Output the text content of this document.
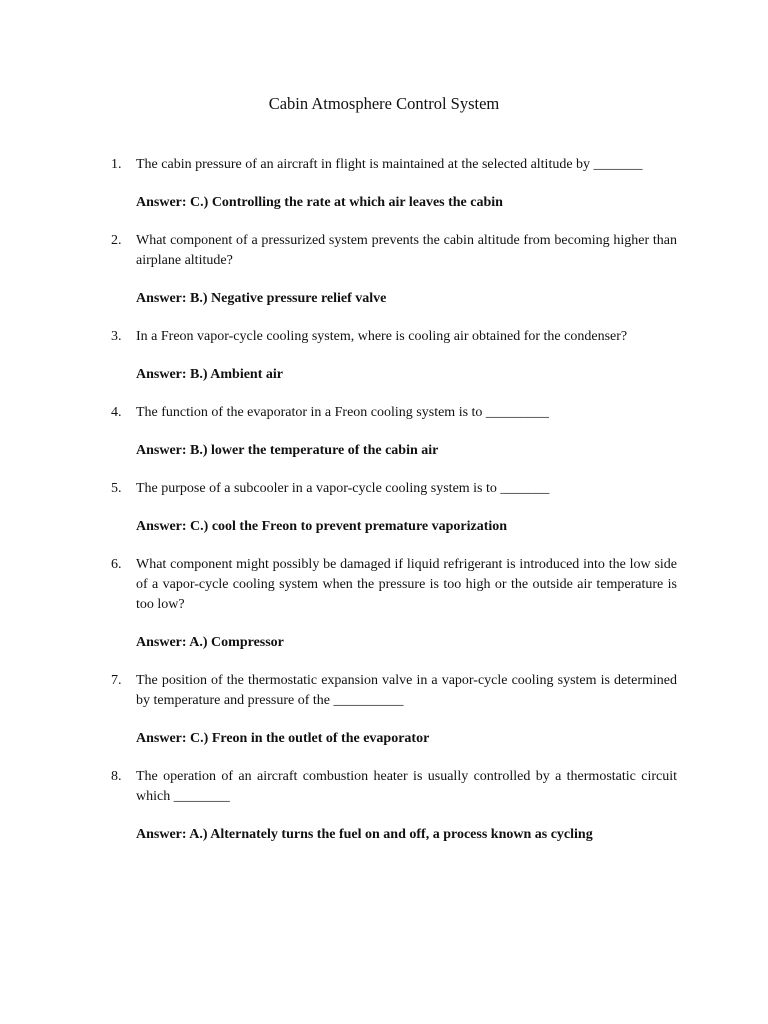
Cabin Atmosphere Control System
1. The cabin pressure of an aircraft in flight is maintained at the selected altitude by _______
Answer: C.) Controlling the rate at which air leaves the cabin
2. What component of a pressurized system prevents the cabin altitude from becoming higher than airplane altitude?
Answer: B.) Negative pressure relief valve
3. In a Freon vapor-cycle cooling system, where is cooling air obtained for the condenser?
Answer: B.) Ambient air
4. The function of the evaporator in a Freon cooling system is to _________
Answer: B.) lower the temperature of the cabin air
5. The purpose of a subcooler in a vapor-cycle cooling system is to _______
Answer: C.) cool the Freon to prevent premature vaporization
6. What component might possibly be damaged if liquid refrigerant is introduced into the low side of a vapor-cycle cooling system when the pressure is too high or the outside air temperature is too low?
Answer: A.) Compressor
7. The position of the thermostatic expansion valve in a vapor-cycle cooling system is determined by temperature and pressure of the __________
Answer: C.) Freon in the outlet of the evaporator
8. The operation of an aircraft combustion heater is usually controlled by a thermostatic circuit which ________
Answer: A.) Alternately turns the fuel on and off, a process known as cycling
